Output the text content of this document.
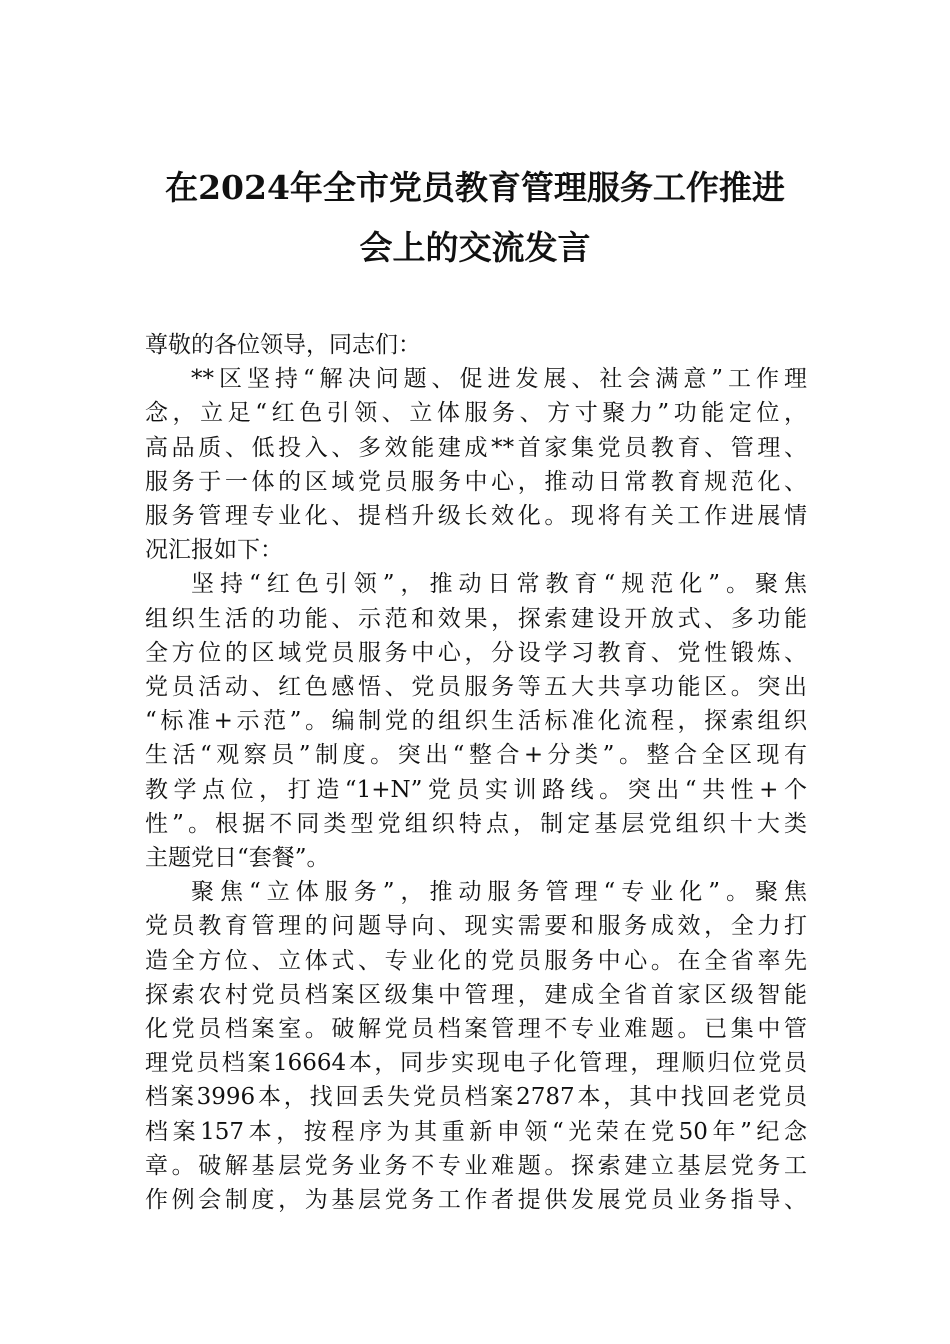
在2024年全市党员教育管理服务工作推进
会上的交流发言
尊敬的各位领导，同志们：
**区坚持“解决问题、促进发展、社会满意”工作理
念，立足“红色引领、立体服务、方寸聚力”功能定位，
高品质、低投入、多效能建成**首家集党员教育、管理、
服务于一体的区域党员服务中心，推动日常教育规范化、
服务管理专业化、提档升级长效化。现将有关工作进展情
况汇报如下：
坚持“红色引领”，推动日常教育“规范化”。聚焦
组织生活的功能、示范和效果，探索建设开放式、多功能
全方位的区域党员服务中心，分设学习教育、党性锻炼、
党员活动、红色感悟、党员服务等五大共享功能区。突出
“标准+示范”。编制党的组织生活标准化流程，探索组织
生活“观察员”制度。突出“整合+分类”。整合全区现有
教学点位，打造“1+N”党员实训路线。突出“共性+个
性”。根据不同类型党组织特点，制定基层党组织十大类
主题党日“套餐”。
聚焦“立体服务”，推动服务管理“专业化”。聚焦
党员教育管理的问题导向、现实需要和服务成效，全力打
造全方位、立体式、专业化的党员服务中心。在全省率先
探索农村党员档案区级集中管理，建成全省首家区级智能
化党员档案室。破解党员档案管理不专业难题。已集中管
理党员档案16664本，同步实现电子化管理，理顺归位党员
档案3996本，找回丢失党员档案2787本，其中找回老党员
档案157本，按程序为其重新申领“光荣在党50年”纪念
章。破解基层党务业务不专业难题。探索建立基层党务工
作例会制度，为基层党务工作者提供发展党员业务指导、
